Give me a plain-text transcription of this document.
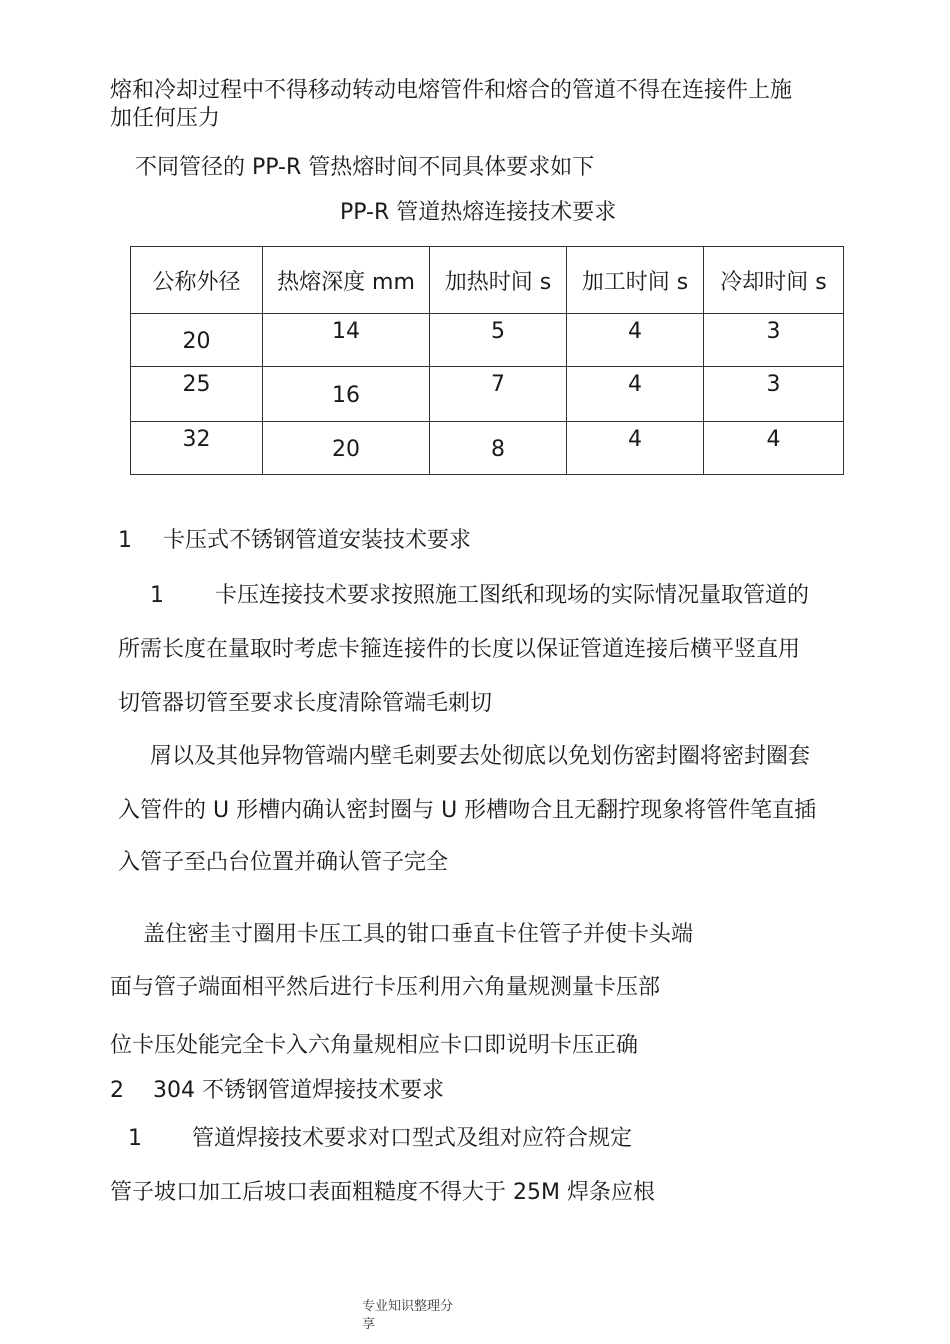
熔和冷却过程中不得移动转动电熔管件和熔合的管道不得在连接件上施
加任何压力
不同管径的 PP-R 管热熔时间不同具体要求如下
PP-R 管道热熔连接技术要求
公称外径	热熔深度 mm	加热时间 s	加工时间 s	冷却时间 s

20	14	5	4	3

25	16	7	4	3

32	20	8	4	4
1 卡压式不锈钢管道安装技术要求
1 卡压连接技术要求按照施工图纸和现场的实际情况量取管道的
所需长度在量取时考虑卡箍连接件的长度以保证管道连接后横平竖直用
切管器切管至要求长度清除管端毛刺切
屑以及其他异物管端内壁毛刺要去处彻底以免划伤密封圈将密封圈套
入管件的 U 形槽内确认密封圈与 U 形槽吻合且无翻拧现象将管件笔直插
入管子至凸台位置并确认管子完全
盖住密圭寸圈用卡压工具的钳口垂直卡住管子并使卡头端
面与管子端面相平然后进行卡压利用六角量规测量卡压部
位卡压处能完全卡入六角量规相应卡口即说明卡压正确
2 304 不锈钢管道焊接技术要求
1 管道焊接技术要求对口型式及组对应符合规定
管子坡口加工后坡口表面粗糙度不得大于 25M 焊条应根
专业知识整理分
享
